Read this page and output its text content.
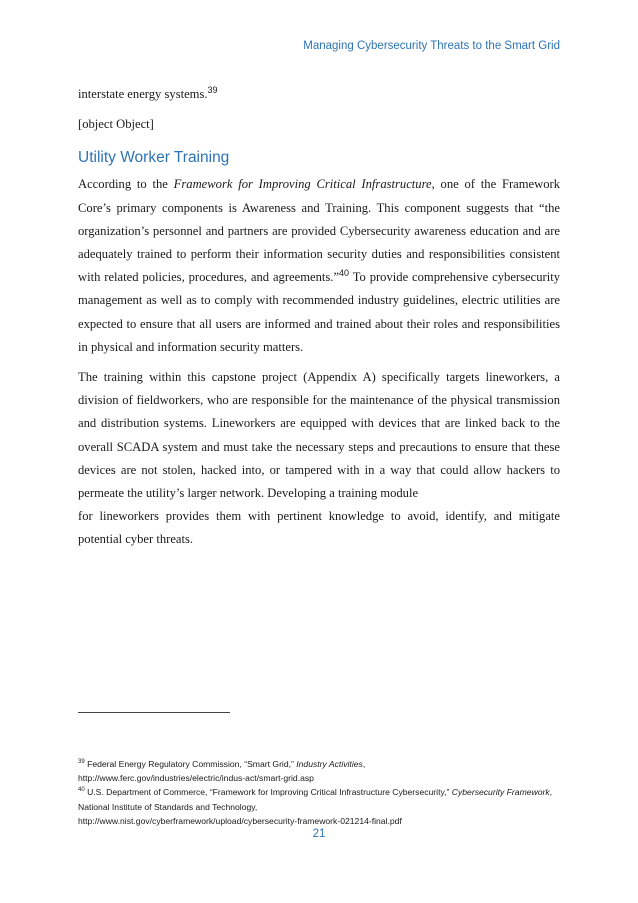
Managing Cybersecurity Threats to the Smart Grid

interstate energy systems.$^{39}$

[object Object]

Utility Worker Training

According to the Framework for Improving Critical Infrastructure, one of the Framework Core’s primary components is Awareness and Training. This component suggests that “the organization’s personnel and partners are provided Cybersecurity awareness education and are adequately trained to perform their information security duties and responsibilities consistent with related policies, procedures, and agreements.”$^{40}$ To provide comprehensive cybersecurity management as well as to comply with recommended industry guidelines, electric utilities are expected to ensure that all users are informed and trained about their roles and responsibilities in physical and information security matters.

The training within this capstone project (Appendix A) specifically targets lineworkers, a division of fieldworkers, who are responsible for the maintenance of the physical transmission and distribution systems. Lineworkers are equipped with devices that are linked back to the overall SCADA system and must take the necessary steps and precautions to ensure that these devices are not stolen, hacked into, or tampered with in a way that could allow hackers to permeate the utility’s larger network. Developing a training module

for lineworkers provides them with pertinent knowledge to avoid, identify, and mitigate potential cyber threats.

$^{39}$ Federal Energy Regulatory Commission, “Smart Grid,” Industry Activities,

http://www.ferc.gov/industries/electric/indus-act/smart-grid.asp

$^{40}$ U.S. Department of Commerce, “Framework for Improving Critical Infrastructure Cybersecurity,” Cybersecurity Framework, National Institute of Standards and Technology,

http://www.nist.gov/cyberframework/upload/cybersecurity-framework-021214-final.pdf

21
